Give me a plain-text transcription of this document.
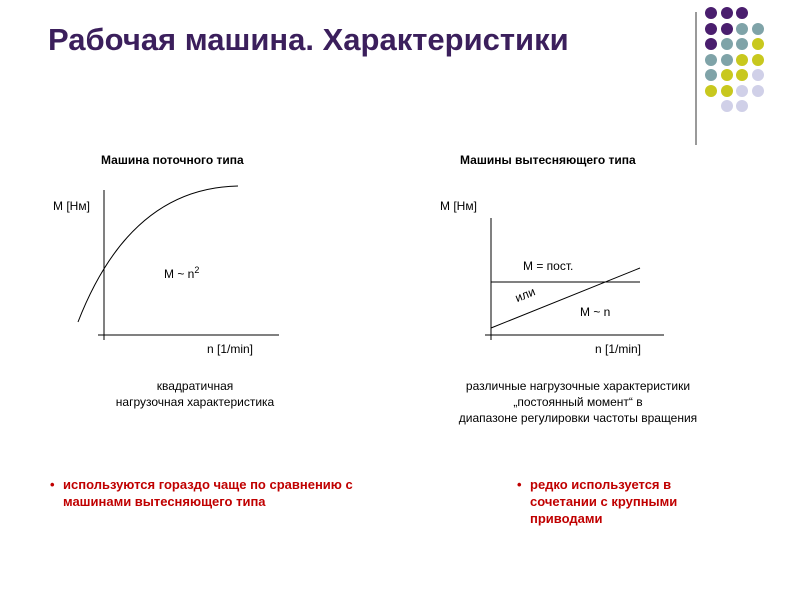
Рабочая машина. Характеристики
Машина поточного типа
M [Нм]
n [1/min]
M ~ $n^2$
квадратичная
нагрузочная характеристика
Машины вытесняющего типа
M [Нм]
n [1/min]
M = пост.
или
M ~ n
различные нагрузочные характеристики
„постоянный момент“ в
диапазоне регулировки частоты вращения
• используются гораздо чаще по сравнению с машинами вытесняющего типа
• редко используется в сочетании с крупными приводами
